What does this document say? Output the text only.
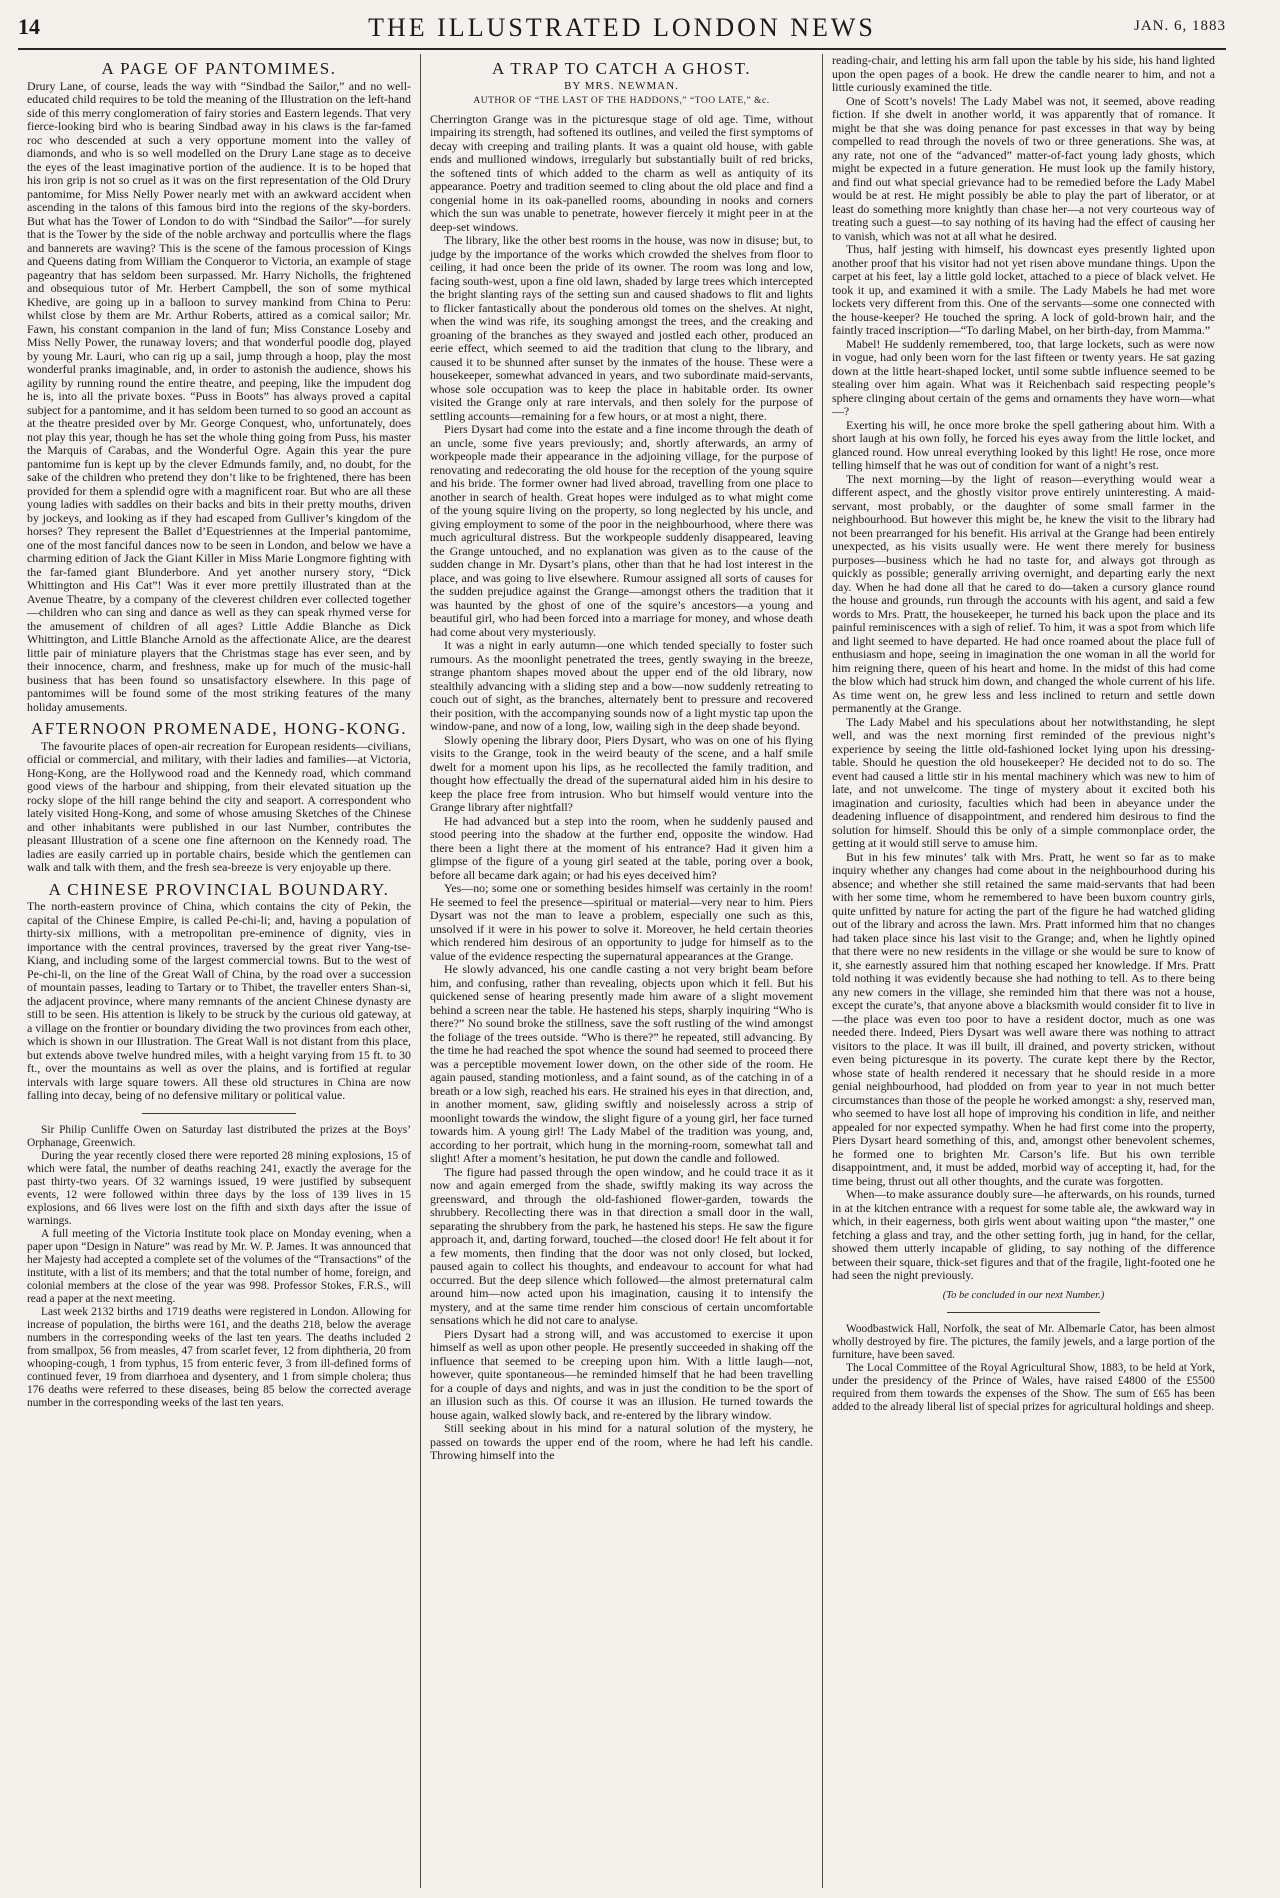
14	THE ILLUSTRATED LONDON NEWS	JAN. 6, 1883
A PAGE OF PANTOMIMES.

Drury Lane, of course, leads the way with “Sindbad the Sailor,” and no well-educated child requires to be told the meaning of the Illustration on the left-hand side of this merry conglomeration of fairy stories and Eastern legends. That very fierce-looking bird who is bearing Sindbad away in his claws is the far-famed roc who descended at such a very opportune moment into the valley of diamonds, and who is so well modelled on the Drury Lane stage as to deceive the eyes of the least imaginative portion of the audience. It is to be hoped that his iron grip is not so cruel as it was on the first representation of the Old Drury pantomime, for Miss Nelly Power nearly met with an awkward accident when ascending in the talons of this famous bird into the regions of the sky-borders. But what has the Tower of London to do with “Sindbad the Sailor”—for surely that is the Tower by the side of the noble archway and portcullis where the flags and bannerets are waving? This is the scene of the famous procession of Kings and Queens dating from William the Conqueror to Victoria, an example of stage pageantry that has seldom been surpassed. Mr. Harry Nicholls, the frightened and obsequious tutor of Mr. Herbert Campbell, the son of some mythical Khedive, are going up in a balloon to survey mankind from China to Peru: whilst close by them are Mr. Arthur Roberts, attired as a comical sailor; Mr. Fawn, his constant companion in the land of fun; Miss Constance Loseby and Miss Nelly Power, the runaway lovers; and that wonderful poodle dog, played by young Mr. Lauri, who can rig up a sail, jump through a hoop, play the most wonderful pranks imaginable, and, in order to astonish the audience, shows his agility by running round the entire theatre, and peeping, like the impudent dog he is, into all the private boxes. “Puss in Boots” has always proved a capital subject for a pantomime, and it has seldom been turned to so good an account as at the theatre presided over by Mr. George Conquest, who, unfortunately, does not play this year, though he has set the whole thing going from Puss, his master the Marquis of Carabas, and the Wonderful Ogre. Again this year the pure pantomime fun is kept up by the clever Edmunds family, and, no doubt, for the sake of the children who pretend they don’t like to be frightened, there has been provided for them a splendid ogre with a magnificent roar. But who are all these young ladies with saddles on their backs and bits in their pretty mouths, driven by jockeys, and looking as if they had escaped from Gulliver’s kingdom of the horses? They represent the Ballet d’Equestriennes at the Imperial pantomime, one of the most fanciful dances now to be seen in London, and below we have a charming edition of Jack the Giant Killer in Miss Marie Longmore fighting with the far-famed giant Blunderbore. And yet another nursery story, “Dick Whittington and His Cat”! Was it ever more prettily illustrated than at the Avenue Theatre, by a company of the cleverest children ever collected together—children who can sing and dance as well as they can speak rhymed verse for the amusement of children of all ages? Little Addie Blanche as Dick Whittington, and Little Blanche Arnold as the affectionate Alice, are the dearest little pair of miniature players that the Christmas stage has ever seen, and by their innocence, charm, and freshness, make up for much of the music-hall business that has been found so unsatisfactory elsewhere. In this page of pantomimes will be found some of the most striking features of the many holiday amusements.

AFTERNOON PROMENADE, HONG-KONG.

The favourite places of open-air recreation for European residents—civilians, official or commercial, and military, with their ladies and families—at Victoria, Hong-Kong, are the Hollywood road and the Kennedy road, which command good views of the harbour and shipping, from their elevated situation up the rocky slope of the hill range behind the city and seaport. A correspondent who lately visited Hong-Kong, and some of whose amusing Sketches of the Chinese and other inhabitants were published in our last Number, contributes the pleasant Illustration of a scene one fine afternoon on the Kennedy road. The ladies are easily carried up in portable chairs, beside which the gentlemen can walk and talk with them, and the fresh sea-breeze is very enjoyable up there.

A CHINESE PROVINCIAL BOUNDARY.

The north-eastern province of China, which contains the city of Pekin, the capital of the Chinese Empire, is called Pe-chi-li; and, having a population of thirty-six millions, with a metropolitan pre-eminence of dignity, vies in importance with the central provinces, traversed by the great river Yang-tse-Kiang, and including some of the largest commercial towns. But to the west of Pe-chi-li, on the line of the Great Wall of China, by the road over a succession of mountain passes, leading to Tartary or to Thibet, the traveller enters Shan-si, the adjacent province, where many remnants of the ancient Chinese dynasty are still to be seen. His attention is likely to be struck by the curious old gateway, at a village on the frontier or boundary dividing the two provinces from each other, which is shown in our Illustration. The Great Wall is not distant from this place, but extends above twelve hundred miles, with a height varying from 15 ft. to 30 ft., over the mountains as well as over the plains, and is fortified at regular intervals with large square towers. All these old structures in China are now falling into decay, being of no defensive military or political value.

Sir Philip Cunliffe Owen on Saturday last distributed the prizes at the Boys’ Orphanage, Greenwich.

During the year recently closed there were reported 28 mining explosions, 15 of which were fatal, the number of deaths reaching 241, exactly the average for the past thirty-two years. Of 32 warnings issued, 19 were justified by subsequent events, 12 were followed within three days by the loss of 139 lives in 15 explosions, and 66 lives were lost on the fifth and sixth days after the issue of warnings.

A full meeting of the Victoria Institute took place on Monday evening, when a paper upon “Design in Nature” was read by Mr. W. P. James. It was announced that her Majesty had accepted a complete set of the volumes of the “Transactions” of the institute, with a list of its members; and that the total number of home, foreign, and colonial members at the close of the year was 998. Professor Stokes, F.R.S., will read a paper at the next meeting.

Last week 2132 births and 1719 deaths were registered in London. Allowing for increase of population, the births were 161, and the deaths 218, below the average numbers in the corresponding weeks of the last ten years. The deaths included 2 from smallpox, 56 from measles, 47 from scarlet fever, 12 from diphtheria, 20 from whooping-cough, 1 from typhus, 15 from enteric fever, 3 from ill-defined forms of continued fever, 19 from diarrhoea and dysentery, and 1 from simple cholera; thus 176 deaths were referred to these diseases, being 85 below the corrected average number in the corresponding weeks of the last ten years.

A TRAP TO CATCH A GHOST.
BY MRS. NEWMAN.
AUTHOR OF “THE LAST OF THE HADDONS,” “TOO LATE,” &c.

Cherrington Grange was in the picturesque stage of old age. Time, without impairing its strength, had softened its outlines, and veiled the first symptoms of decay with creeping and trailing plants. It was a quaint old house, with gable ends and mullioned windows, irregularly but substantially built of red bricks, the softened tints of which added to the charm as well as antiquity of its appearance. Poetry and tradition seemed to cling about the old place and find a congenial home in its oak-panelled rooms, abounding in nooks and corners which the sun was unable to penetrate, however fiercely it might peer in at the deep-set windows.

The library, like the other best rooms in the house, was now in disuse; but, to judge by the importance of the works which crowded the shelves from floor to ceiling, it had once been the pride of its owner. The room was long and low, facing south-west, upon a fine old lawn, shaded by large trees which intercepted the bright slanting rays of the setting sun and caused shadows to flit and lights to flicker fantastically about the ponderous old tomes on the shelves. At night, when the wind was rife, its soughing amongst the trees, and the creaking and groaning of the branches as they swayed and jostled each other, produced an eerie effect, which seemed to aid the tradition that clung to the library, and caused it to be shunned after sunset by the inmates of the house. These were a housekeeper, somewhat advanced in years, and two subordinate maid-servants, whose sole occupation was to keep the place in habitable order. Its owner visited the Grange only at rare intervals, and then solely for the purpose of settling accounts—remaining for a few hours, or at most a night, there.

Piers Dysart had come into the estate and a fine income through the death of an uncle, some five years previously; and, shortly afterwards, an army of workpeople made their appearance in the adjoining village, for the purpose of renovating and redecorating the old house for the reception of the young squire and his bride. The former owner had lived abroad, travelling from one place to another in search of health. Great hopes were indulged as to what might come of the young squire living on the property, so long neglected by his uncle, and giving employment to some of the poor in the neighbourhood, where there was much agricultural distress. But the workpeople suddenly disappeared, leaving the Grange untouched, and no explanation was given as to the cause of the sudden change in Mr. Dysart’s plans, other than that he had lost interest in the place, and was going to live elsewhere. Rumour assigned all sorts of causes for the sudden prejudice against the Grange—amongst others the tradition that it was haunted by the ghost of one of the squire’s ancestors—a young and beautiful girl, who had been forced into a marriage for money, and whose death had come about very mysteriously.

It was a night in early autumn—one which tended specially to foster such rumours. As the moonlight penetrated the trees, gently swaying in the breeze, strange phantom shapes moved about the upper end of the old library, now stealthily advancing with a sliding step and a bow—now suddenly retreating to couch out of sight, as the branches, alternately bent to pressure and recovered their position, with the accompanying sounds now of a light mystic tap upon the window-pane, and now of a long, low, wailing sigh in the deep shade beyond.

Slowly opening the library door, Piers Dysart, who was on one of his flying visits to the Grange, took in the weird beauty of the scene, and a half smile dwelt for a moment upon his lips, as he recollected the family tradition, and thought how effectually the dread of the supernatural aided him in his desire to keep the place free from intrusion. Who but himself would venture into the Grange library after nightfall?

He had advanced but a step into the room, when he suddenly paused and stood peering into the shadow at the further end, opposite the window. Had there been a light there at the moment of his entrance? Had it given him a glimpse of the figure of a young girl seated at the table, poring over a book, before all became dark again; or had his eyes deceived him?

Yes—no; some one or something besides himself was certainly in the room! He seemed to feel the presence—spiritual or material—very near to him. Piers Dysart was not the man to leave a problem, especially one such as this, unsolved if it were in his power to solve it. Moreover, he held certain theories which rendered him desirous of an opportunity to judge for himself as to the value of the evidence respecting the supernatural appearances at the Grange.

He slowly advanced, his one candle casting a not very bright beam before him, and confusing, rather than revealing, objects upon which it fell. But his quickened sense of hearing presently made him aware of a slight movement behind a screen near the table. He hastened his steps, sharply inquiring “Who is there?” No sound broke the stillness, save the soft rustling of the wind amongst the foliage of the trees outside. “Who is there?” he repeated, still advancing. By the time he had reached the spot whence the sound had seemed to proceed there was a perceptible movement lower down, on the other side of the room. He again paused, standing motionless, and a faint sound, as of the catching in of a breath or a low sigh, reached his ears. He strained his eyes in that direction, and, in another moment, saw, gliding swiftly and noiselessly across a strip of moonlight towards the window, the slight figure of a young girl, her face turned towards him. A young girl! The Lady Mabel of the tradition was young, and, according to her portrait, which hung in the morning-room, somewhat tall and slight! After a moment’s hesitation, he put down the candle and followed.

The figure had passed through the open window, and he could trace it as it now and again emerged from the shade, swiftly making its way across the greensward, and through the old-fashioned flower-garden, towards the shrubbery. Recollecting there was in that direction a small door in the wall, separating the shrubbery from the park, he hastened his steps. He saw the figure approach it, and, darting forward, touched—the closed door! He felt about it for a few moments, then finding that the door was not only closed, but locked, paused again to collect his thoughts, and endeavour to account for what had occurred. But the deep silence which followed—the almost preternatural calm around him—now acted upon his imagination, causing it to intensify the mystery, and at the same time render him conscious of certain uncomfortable sensations which he did not care to analyse.

Piers Dysart had a strong will, and was accustomed to exercise it upon himself as well as upon other people. He presently succeeded in shaking off the influence that seemed to be creeping upon him. With a little laugh—not, however, quite spontaneous—he reminded himself that he had been travelling for a couple of days and nights, and was in just the condition to be the sport of an illusion such as this. Of course it was an illusion. He turned towards the house again, walked slowly back, and re-entered by the library window.

Still seeking about in his mind for a natural solution of the mystery, he passed on towards the upper end of the room, where he had left his candle. Throwing himself into the

reading-chair, and letting his arm fall upon the table by his side, his hand lighted upon the open pages of a book. He drew the candle nearer to him, and not a little curiously examined the title.

One of Scott’s novels! The Lady Mabel was not, it seemed, above reading fiction. If she dwelt in another world, it was apparently that of romance. It might be that she was doing penance for past excesses in that way by being compelled to read through the novels of two or three generations. She was, at any rate, not one of the “advanced” matter-of-fact young lady ghosts, which might be expected in a future generation. He must look up the family history, and find out what special grievance had to be remedied before the Lady Mabel would be at rest. He might possibly be able to play the part of liberator, or at least do something more knightly than chase her—a not very courteous way of treating such a guest—to say nothing of its having had the effect of causing her to vanish, which was not at all what he desired.

Thus, half jesting with himself, his downcast eyes presently lighted upon another proof that his visitor had not yet risen above mundane things. Upon the carpet at his feet, lay a little gold locket, attached to a piece of black velvet. He took it up, and examined it with a smile. The Lady Mabels he had met wore lockets very different from this. One of the servants—some one connected with the house-keeper? He touched the spring. A lock of gold-brown hair, and the faintly traced inscription—“To darling Mabel, on her birth-day, from Mamma.”

Mabel! He suddenly remembered, too, that large lockets, such as were now in vogue, had only been worn for the last fifteen or twenty years. He sat gazing down at the little heart-shaped locket, until some subtle influence seemed to be stealing over him again. What was it Reichenbach said respecting people’s sphere clinging about certain of the gems and ornaments they have worn—what—?

Exerting his will, he once more broke the spell gathering about him. With a short laugh at his own folly, he forced his eyes away from the little locket, and glanced round. How unreal everything looked by this light! He rose, once more telling himself that he was out of condition for want of a night’s rest.

The next morning—by the light of reason—everything would wear a different aspect, and the ghostly visitor prove entirely uninteresting. A maid-servant, most probably, or the daughter of some small farmer in the neighbourhood. But however this might be, he knew the visit to the library had not been prearranged for his benefit. His arrival at the Grange had been entirely unexpected, as his visits usually were. He went there merely for business purposes—business which he had no taste for, and always got through as quickly as possible; generally arriving overnight, and departing early the next day. When he had done all that he cared to do—taken a cursory glance round the house and grounds, run through the accounts with his agent, and said a few words to Mrs. Pratt, the housekeeper, he turned his back upon the place and its painful reminiscences with a sigh of relief. To him, it was a spot from which life and light seemed to have departed. He had once roamed about the place full of enthusiasm and hope, seeing in imagination the one woman in all the world for him reigning there, queen of his heart and home. In the midst of this had come the blow which had struck him down, and changed the whole current of his life. As time went on, he grew less and less inclined to return and settle down permanently at the Grange.

The Lady Mabel and his speculations about her notwithstanding, he slept well, and was the next morning first reminded of the previous night’s experience by seeing the little old-fashioned locket lying upon his dressing-table. Should he question the old housekeeper? He decided not to do so. The event had caused a little stir in his mental machinery which was new to him of late, and not unwelcome. The tinge of mystery about it excited both his imagination and curiosity, faculties which had been in abeyance under the deadening influence of disappointment, and rendered him desirous to find the solution for himself. Should this be only of a simple commonplace order, the getting at it would still serve to amuse him.

But in his few minutes’ talk with Mrs. Pratt, he went so far as to make inquiry whether any changes had come about in the neighbourhood during his absence; and whether she still retained the same maid-servants that had been with her some time, whom he remembered to have been buxom country girls, quite unfitted by nature for acting the part of the figure he had watched gliding out of the library and across the lawn. Mrs. Pratt informed him that no changes had taken place since his last visit to the Grange; and, when he lightly opined that there were no new residents in the village or she would be sure to know of it, she earnestly assured him that nothing escaped her knowledge. If Mrs. Pratt told nothing it was evidently because she had nothing to tell. As to there being any new comers in the village, she reminded him that there was not a house, except the curate’s, that anyone above a blacksmith would consider fit to live in—the place was even too poor to have a resident doctor, much as one was needed there. Indeed, Piers Dysart was well aware there was nothing to attract visitors to the place. It was ill built, ill drained, and poverty stricken, without even being picturesque in its poverty. The curate kept there by the Rector, whose state of health rendered it necessary that he should reside in a more genial neighbourhood, had plodded on from year to year in not much better circumstances than those of the people he worked amongst: a shy, reserved man, who seemed to have lost all hope of improving his condition in life, and neither appealed for nor expected sympathy. When he had first come into the property, Piers Dysart heard something of this, and, amongst other benevolent schemes, he formed one to brighten Mr. Carson’s life. But his own terrible disappointment, and, it must be added, morbid way of accepting it, had, for the time being, thrust out all other thoughts, and the curate was forgotten.

When—to make assurance doubly sure—he afterwards, on his rounds, turned in at the kitchen entrance with a request for some table ale, the awkward way in which, in their eagerness, both girls went about waiting upon “the master,” one fetching a glass and tray, and the other setting forth, jug in hand, for the cellar, showed them utterly incapable of gliding, to say nothing of the difference between their square, thick-set figures and that of the fragile, light-footed one he had seen the night previously.

(To be concluded in our next Number.)

Woodbastwick Hall, Norfolk, the seat of Mr. Albemarle Cator, has been almost wholly destroyed by fire. The pictures, the family jewels, and a large portion of the furniture, have been saved.

The Local Committee of the Royal Agricultural Show, 1883, to be held at York, under the presidency of the Prince of Wales, have raised £4800 of the £5500 required from them towards the expenses of the Show. The sum of £65 has been added to the already liberal list of special prizes for agricultural holdings and sheep.
